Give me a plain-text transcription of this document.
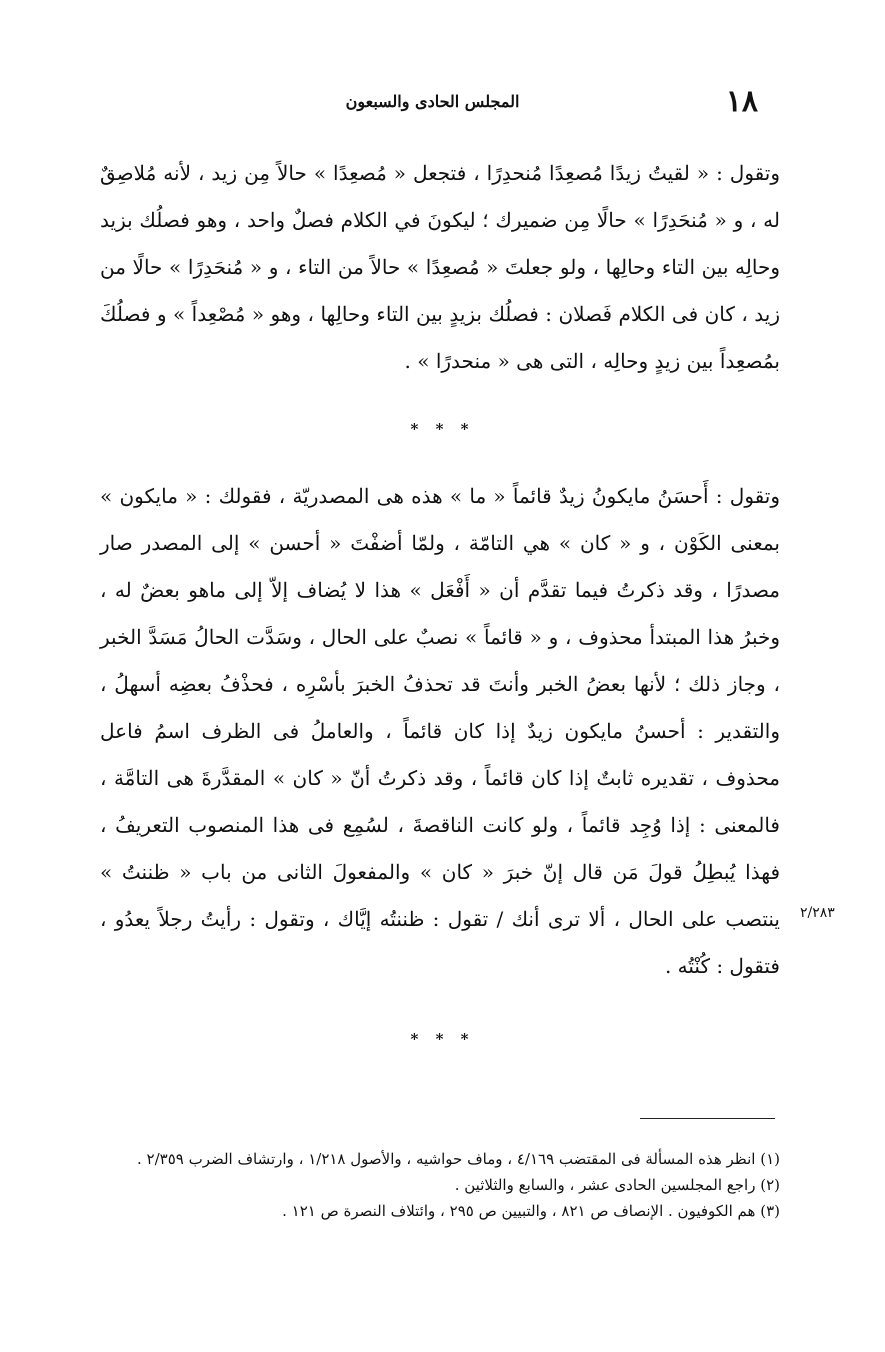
١٨
المجلس الحادى والسبعون
وتقول : « لقيتُ زيدًا مُصعِدًا مُنحدِرًا ، فتجعل « مُصعِدًا » حالاً مِن زيد ، لأنه مُلاصِقٌ له ، و « مُنحَدِرًا » حالًا مِن ضميرك ؛ ليكونَ في الكلام فصلٌ واحد ، وهو فصلُك بزيد وحالِه بين التاء وحالِها ، ولو جعلتَ « مُصعِدًا » حالاً من التاء ، و « مُنحَدِرًا » حالًا من زيد ، كان فى الكلام فَصلان : فصلُك بزيدٍ بين التاء وحالِها ، وهو « مُصْعِداً » و فصلُكَ بمُصعِداً بين زيدٍ وحالِه ، التى هى « منحدرًا » .
* * *
وتقول : أَحسَنُ مايكونُ زيدٌ قائماً « ما » هذه هى المصدريّة ، فقولك : « مايكون » بمعنى الكَوْن ، و « كان » هي التامّة ، ولمّا أضفْتَ « أحسن » إلى المصدر صار مصدرًا ، وقد ذكرتُ فيما تقدَّم أن « أَفْعَل » هذا لا يُضاف إلاّ إلى ماهو بعضٌ له ، وخبرُ هذا المبتدأ محذوف ، و « قائماً » نصبٌ على الحال ، وسَدَّت الحالُ مَسَدَّ الخبر ، وجاز ذلك ؛ لأنها بعضُ الخبر وأنتَ قد تحذفُ الخبرَ بأسْرِه ، فحذْفُ بعضِه أسهلُ ، والتقدير : أحسنُ مايكون زيدٌ إذا كان قائماً ، والعاملُ فى الظرف اسمُ فاعل محذوف ، تقديره ثابتٌ إذا كان قائماً ، وقد ذكرتُ أنّ « كان » المقدَّرةَ هى التامَّة ، فالمعنى : إذا وُجِد قائماً ، ولو كانت الناقصةَ ، لسُمِع فى هذا المنصوب التعريفُ ، فهذا يُبطِلُ قولَ مَن قال إنّ خبرَ « كان » والمفعولَ الثانى من باب « ظننتُ » ينتصب على الحال ، ألا ترى أنك / تقول : ظننتُه إيَّاك ، وتقول : رأيتُ رجلاً يعدُو ، فتقول : كُنْتُه .
٢/٢٨٣
* * *

(١) انظر هذه المسألة فى المقتضب ٤/١٦٩ ، وماف حواشيه ، والأصول ١/٢١٨ ، وارتشاف الضرب ٢/٣٥٩ .

(٢) راجع المجلسين الحادى عشر ، والسابع والثلاثين .

(٣) هم الكوفيون . الإنصاف ص ٨٢١ ، والتبيين ص ٢٩٥ ، وائتلاف النصرة ص ١٢١ .
